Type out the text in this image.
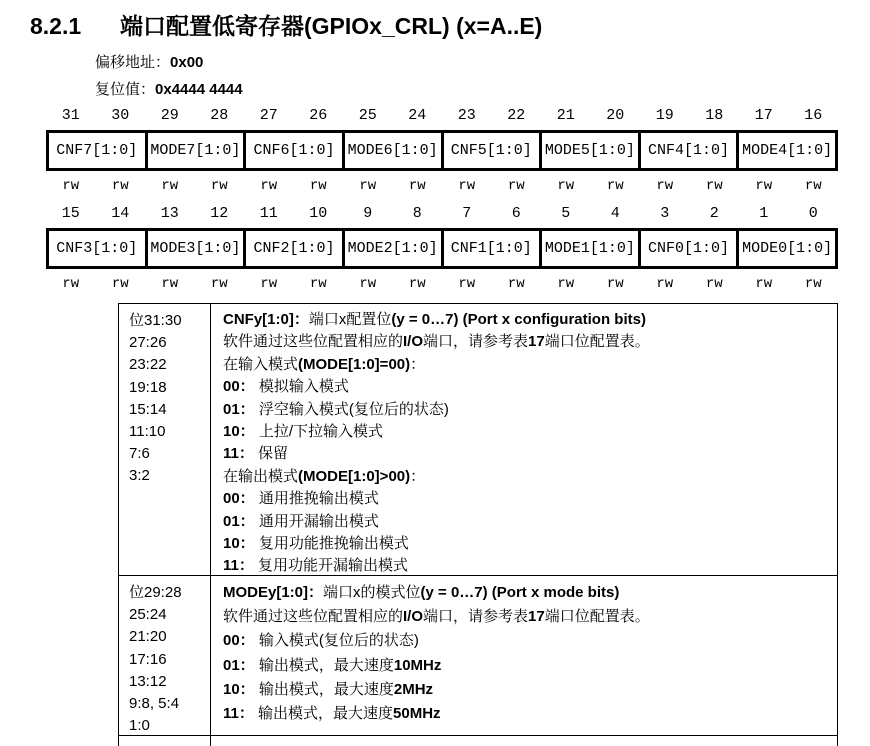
8.2.1 端口配置低寄存器(GPIOx_CRL) (x=A..E)
偏移地址：0x00
复位值：0x4444 4444
31	30	29	28	27	26	25	24	23	22	21	20	19	18	17	16
CNF7[1:0] MODE7[1:0] CNF6[1:0] MODE6[1:0] CNF5[1:0] MODE5[1:0] CNF4[1:0] MODE4[1:0]
rw	rw	rw	rw	rw	rw	rw	rw	rw	rw	rw	rw	rw	rw	rw	rw
15	14	13	12	11	10	9	8	7	6	5	4	3	2	1	0
CNF3[1:0] MODE3[1:0] CNF2[1:0] MODE2[1:0] CNF1[1:0] MODE1[1:0] CNF0[1:0] MODE0[1:0]
rw	rw	rw	rw	rw	rw	rw	rw	rw	rw	rw	rw	rw	rw	rw	rw
位31:30
27:26
23:22
19:18
15:14
11:10
7:6
3:2
CNFy[1:0]：端口x配置位(y = 0…7) (Port x configuration bits)
软件通过这些位配置相应的I/O端口，请参考表17端口位配置表。
在输入模式(MODE[1:0]=00)：
00： 模拟输入模式
01： 浮空输入模式(复位后的状态)
10： 上拉/下拉输入模式
11： 保留
在输出模式(MODE[1:0]>00)：
00： 通用推挽输出模式
01： 通用开漏输出模式
10： 复用功能推挽输出模式
11： 复用功能开漏输出模式
位29:28
25:24
21:20
17:16
13:12
9:8, 5:4
1:0
MODEy[1:0]：端口x的模式位(y = 0…7) (Port x mode bits)
软件通过这些位配置相应的I/O端口，请参考表17端口位配置表。
00： 输入模式(复位后的状态)
01： 输出模式，最大速度10MHz
10： 输出模式，最大速度2MHz
11： 输出模式，最大速度50MHz
